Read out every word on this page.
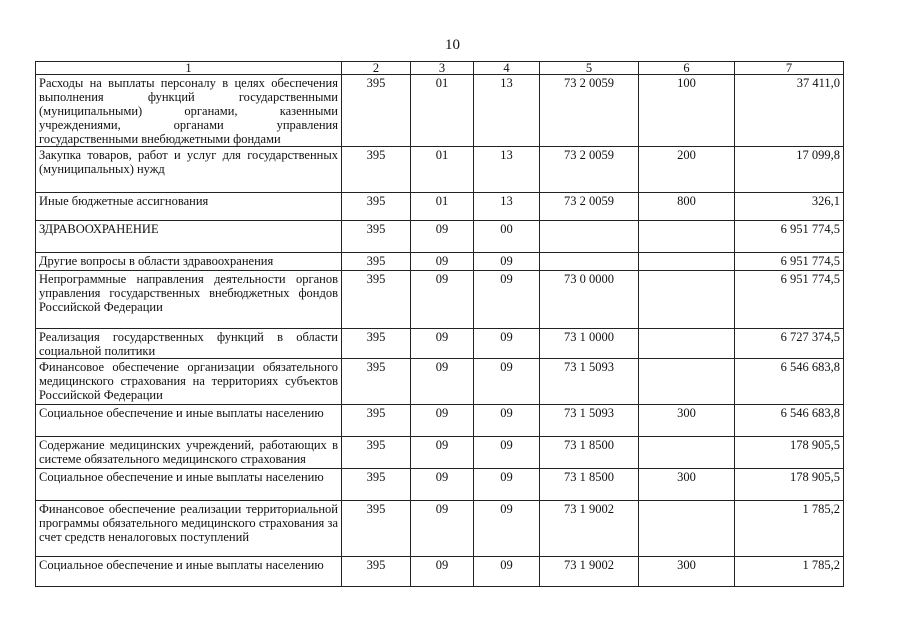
10
1	2	3	4	5	6	7
Расходы на выплаты персоналу в целях обеспечения выполнения функций государственными (муниципальными) органами, казенными учреждениями, органами управления государственными внебюджетными фондами	395	01	13	73 2 0059	100	37 411,0
Закупка товаров, работ и услуг для государственных (муниципальных) нужд	395	01	13	73 2 0059	200	17 099,8
Иные бюджетные ассигнования	395	01	13	73 2 0059	800	326,1
ЗДРАВООХРАНЕНИЕ	395	09	00			6 951 774,5
Другие вопросы в области здравоохранения	395	09	09			6 951 774,5
Непрограммные направления деятельности органов управления государственных внебюджетных фондов Российской Федерации	395	09	09	73 0 0000		6 951 774,5
Реализация государственных функций в области социальной политики	395	09	09	73 1 0000		6 727 374,5
Финансовое обеспечение организации обязательного медицинского страхования на территориях субъектов Российской Федерации	395	09	09	73 1 5093		6 546 683,8
Социальное обеспечение и иные выплаты населению	395	09	09	73 1 5093	300	6 546 683,8
Содержание медицинских учреждений, работающих в системе обязательного медицинского страхования	395	09	09	73 1 8500		178 905,5
Социальное обеспечение и иные выплаты населению	395	09	09	73 1 8500	300	178 905,5
Финансовое обеспечение реализации территориальной программы обязательного медицинского страхования за счет средств неналоговых поступлений	395	09	09	73 1 9002		1 785,2
Социальное обеспечение и иные выплаты населению	395	09	09	73 1 9002	300	1 785,2
